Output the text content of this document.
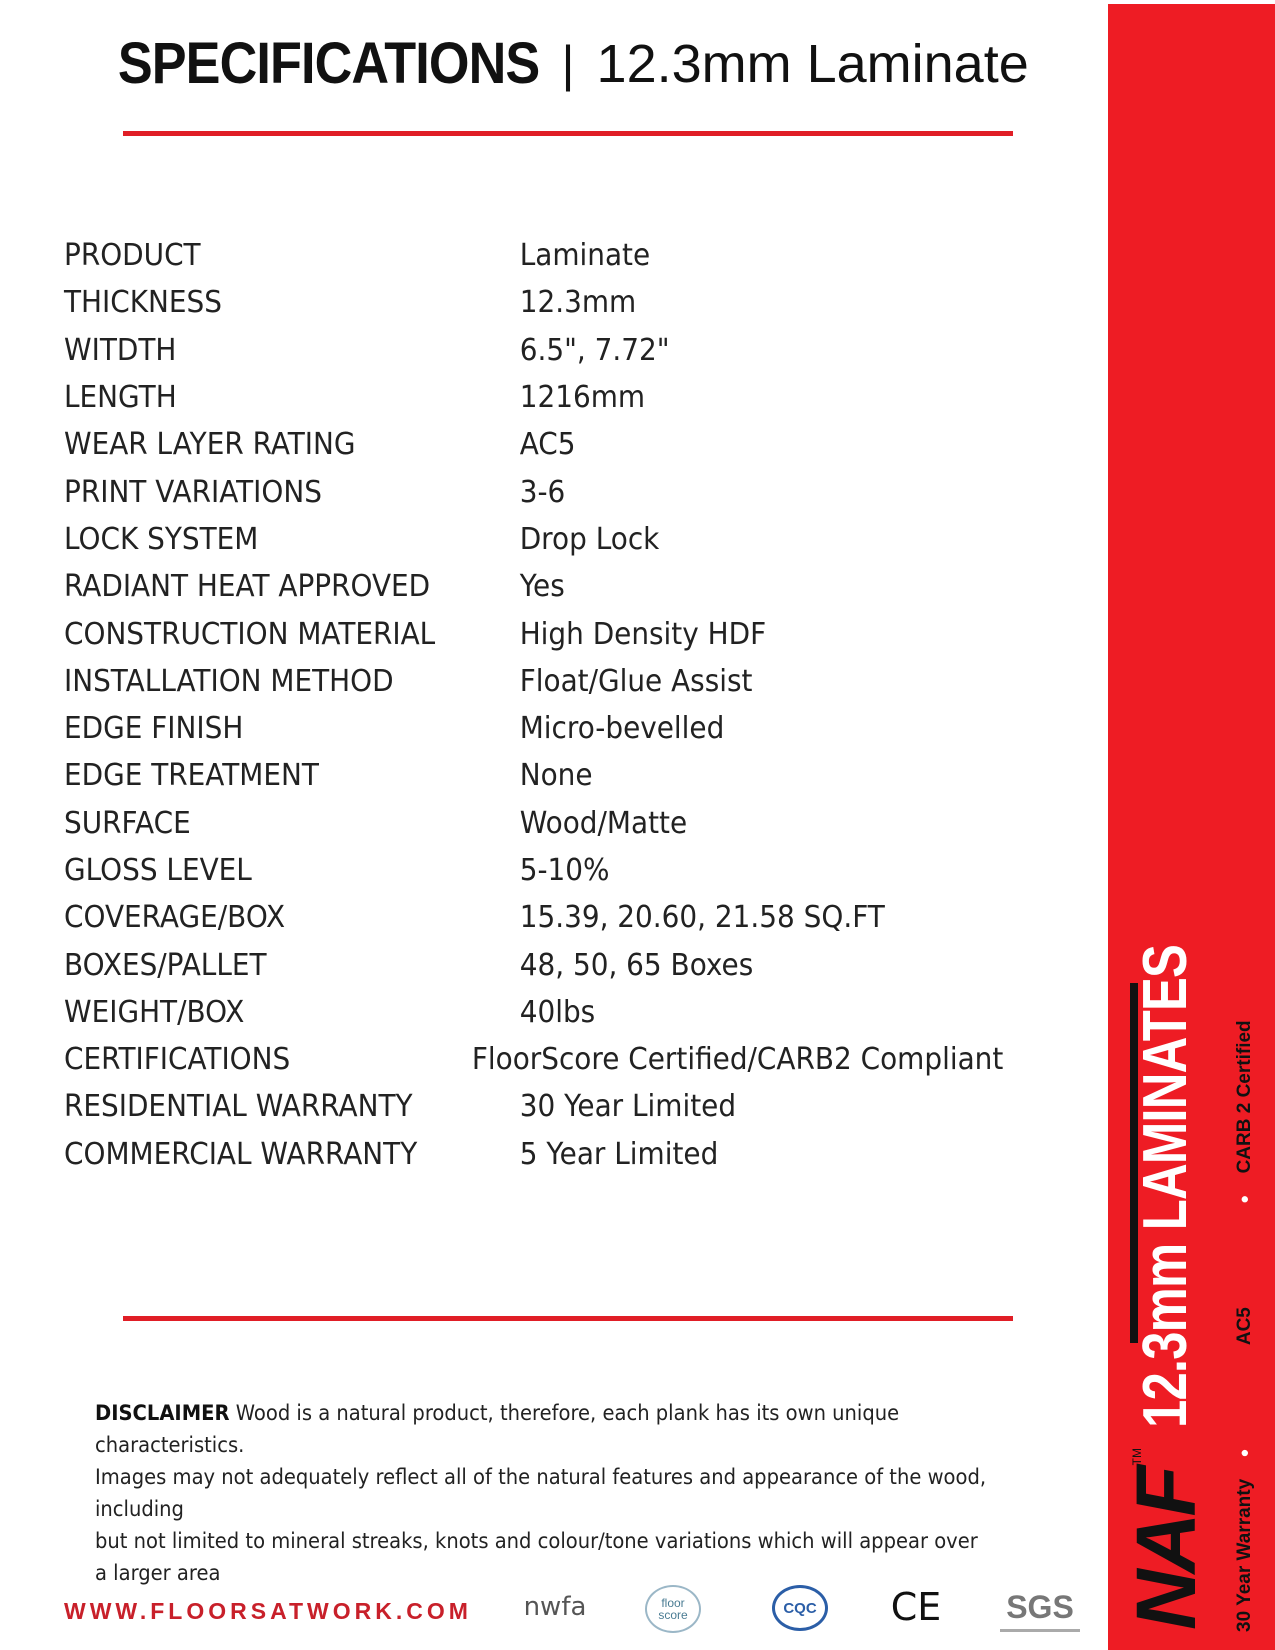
SPECIFICATIONS | 12.3mm Laminate
PRODUCT	Laminate
THICKNESS	12.3mm
WITDTH	6.5", 7.72"
LENGTH	1216mm
WEAR LAYER RATING	AC5
PRINT VARIATIONS	3-6
LOCK SYSTEM	Drop Lock
RADIANT HEAT APPROVED	Yes
CONSTRUCTION MATERIAL	High Density HDF
INSTALLATION METHOD	Float/Glue Assist
EDGE FINISH	Micro-bevelled
EDGE TREATMENT	None
SURFACE	Wood/Matte
GLOSS LEVEL	5-10%
COVERAGE/BOX	15.39, 20.60, 21.58 SQ.FT
BOXES/PALLET	48, 50, 65 Boxes
WEIGHT/BOX	40lbs
CERTIFICATIONS	FloorScore Certified/CARB2 Compliant
RESIDENTIAL WARRANTY	30 Year Limited
COMMERCIAL WARRANTY	5 Year Limited
DISCLAIMER Wood is a natural product, therefore, each plank has its own unique characteristics.
Images may not adequately reflect all of the natural features and appearance of the wood, including
but not limited to mineral streaks, knots and colour/tone variations which will appear over a larger area
WWW.FLOORSATWORK.COM nwfa	floor score	CQC CE SGS NAF
TM
12.3mm LAMINATES
30 Year Warranty
•
AC5
•
CARB 2 Certified
